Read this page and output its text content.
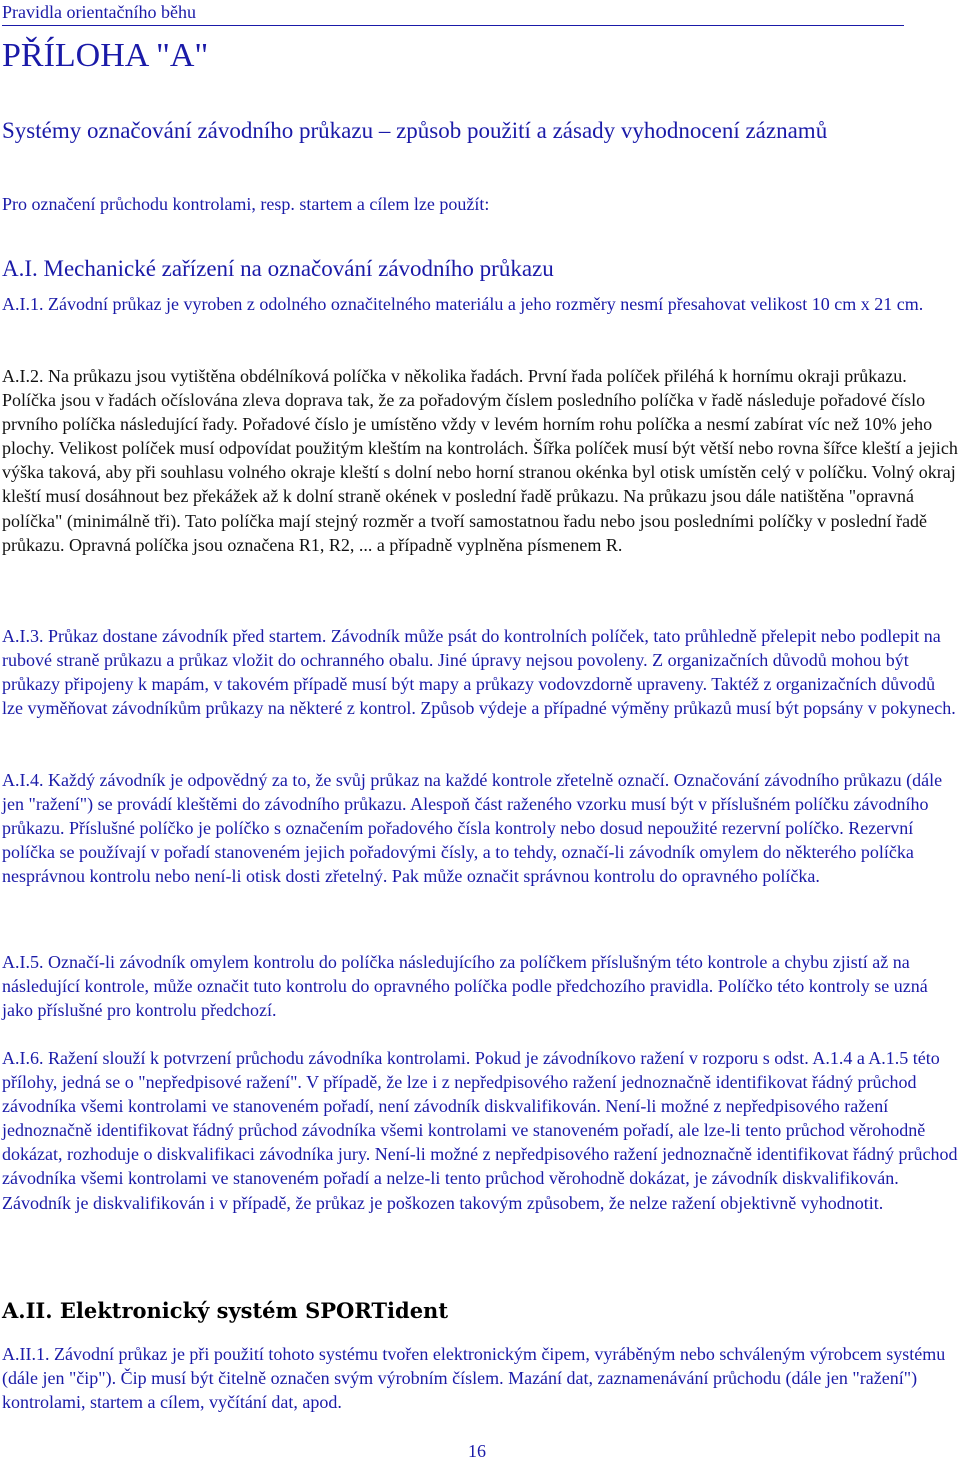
Pravidla orientačního běhu
PŘÍLOHA "A"
Systémy označování závodního průkazu – způsob použití a zásady vyhodnocení záznamů
Pro označení průchodu kontrolami, resp. startem a cílem lze použít:
A.I. Mechanické zařízení na označování závodního průkazu

A.I.1. Závodní průkaz je vyroben z odolného označitelného materiálu a jeho rozměry nesmí přesahovat velikost 10 cm x 21 cm.

A.I.2. Na průkazu jsou vytištěna obdélníková políčka v několika řadách. První řada políček přiléhá k hornímu okraji průkazu. Políčka jsou v řadách očíslována zleva doprava tak, že za pořadovým číslem posledního políčka v řadě následuje pořadové číslo prvního políčka následující řady. Pořadové číslo je umístěno vždy v levém horním rohu políčka a nesmí zabírat víc než 10% jeho plochy. Velikost políček musí odpovídat použitým kleštím na kontrolách. Šířka políček musí být větší nebo rovna šířce kleští a jejich výška taková, aby při souhlasu volného okraje kleští s dolní nebo horní stranou okénka byl otisk umístěn celý v políčku. Volný okraj kleští musí dosáhnout bez překážek až k dolní straně okének v poslední řadě průkazu. Na průkazu jsou dále natištěna "opravná políčka" (minimálně tři). Tato políčka mají stejný rozměr a tvoří samostatnou řadu nebo jsou posledními políčky v poslední řadě průkazu. Opravná políčka jsou označena R1, R2, ... a případně vyplněna písmenem R.

A.I.3. Průkaz dostane závodník před startem. Závodník může psát do kontrolních políček, tato průhledně přelepit nebo podlepit na rubové straně průkazu a průkaz vložit do ochranného obalu. Jiné úpravy nejsou povoleny. Z organizačních důvodů mohou být průkazy připojeny k mapám, v takovém případě musí být mapy a průkazy vodovzdorně upraveny. Taktéž z organizačních důvodů lze vyměňovat závodníkům průkazy na některé z kontrol. Způsob výdeje a případné výměny průkazů musí být popsány v pokynech.

A.I.4. Každý závodník je odpovědný za to, že svůj průkaz na každé kontrole zřetelně označí. Označování závodního průkazu (dále jen "ražení") se provádí kleštěmi do závodního průkazu. Alespoň část raženého vzorku musí být v příslušném políčku závodního průkazu. Příslušné políčko je políčko s označením pořadového čísla kontroly nebo dosud nepoužité rezervní políčko. Rezervní políčka se používají v pořadí stanoveném jejich pořadovými čísly, a to tehdy, označí-li závodník omylem do některého políčka nesprávnou kontrolu nebo není-li otisk dosti zřetelný. Pak může označit správnou kontrolu do opravného políčka.

A.I.5. Označí-li závodník omylem kontrolu do políčka následujícího za políčkem příslušným této kontrole a chybu zjistí až na následující kontrole, může označit tuto kontrolu do opravného políčka podle předchozího pravidla. Políčko této kontroly se uzná jako příslušné pro kontrolu předchozí.

A.I.6. Ražení slouží k potvrzení průchodu závodníka kontrolami. Pokud je závodníkovo ražení v rozporu s odst. A.1.4 a A.1.5 této přílohy, jedná se o "nepředpisové ražení". V případě, že lze i z nepředpisového ražení jednoznačně identifikovat řádný průchod závodníka všemi kontrolami ve stanoveném pořadí, není závodník diskvalifikován. Není-li možné z nepředpisového ražení jednoznačně identifikovat řádný průchod závodníka všemi kontrolami ve stanoveném pořadí, ale lze-li tento průchod věrohodně dokázat, rozhoduje o diskvalifikaci závodníka jury. Není-li možné z nepředpisového ražení jednoznačně identifikovat řádný průchod závodníka všemi kontrolami ve stanoveném pořadí a nelze-li tento průchod věrohodně dokázat, je závodník diskvalifikován. Závodník je diskvalifikován i v případě, že průkaz je poškozen takovým způsobem, že nelze ražení objektivně vyhodnotit.

A.II. Elektronický systém SPORTident

A.II.1. Závodní průkaz je při použití tohoto systému tvořen elektronickým čipem, vyráběným nebo schváleným výrobcem systému (dále jen "čip"). Čip musí být čitelně označen svým výrobním číslem. Mazání dat, zaznamenávání průchodu (dále jen "ražení") kontrolami, startem a cílem, vyčítání dat, apod.

16
